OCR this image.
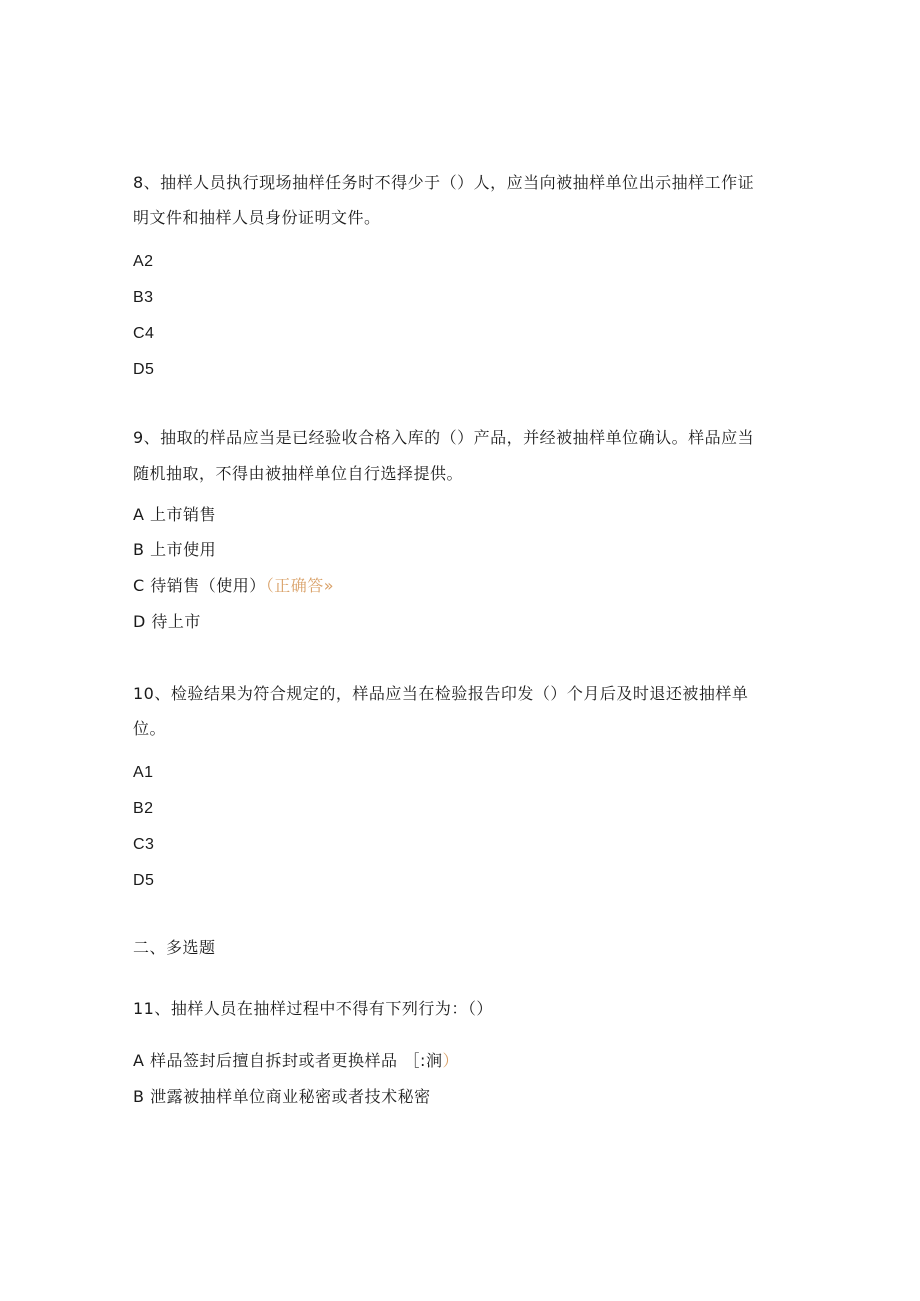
8、抽样人员执行现场抽样任务时不得少于（）人，应当向被抽样单位出示抽样工作证
明文件和抽样人员身份证明文件。
A2
B3
C4
D5
9、抽取的样品应当是已经验收合格入库的（）产品，并经被抽样单位确认。样品应当
随机抽取，不得由被抽样单位自行选择提供。
A 上市销售
B 上市使用
C 待销售（使用）（正确答»
D 待上市
10、检验结果为符合规定的，样品应当在检验报告印发（）个月后及时退还被抽样单
位。
A1
B2
C3
D5
二、多选题
11、抽样人员在抽样过程中不得有下列行为：（）
A 样品签封后擅自拆封或者更换样品 ［:涧）
B 泄露被抽样单位商业秘密或者技术秘密
